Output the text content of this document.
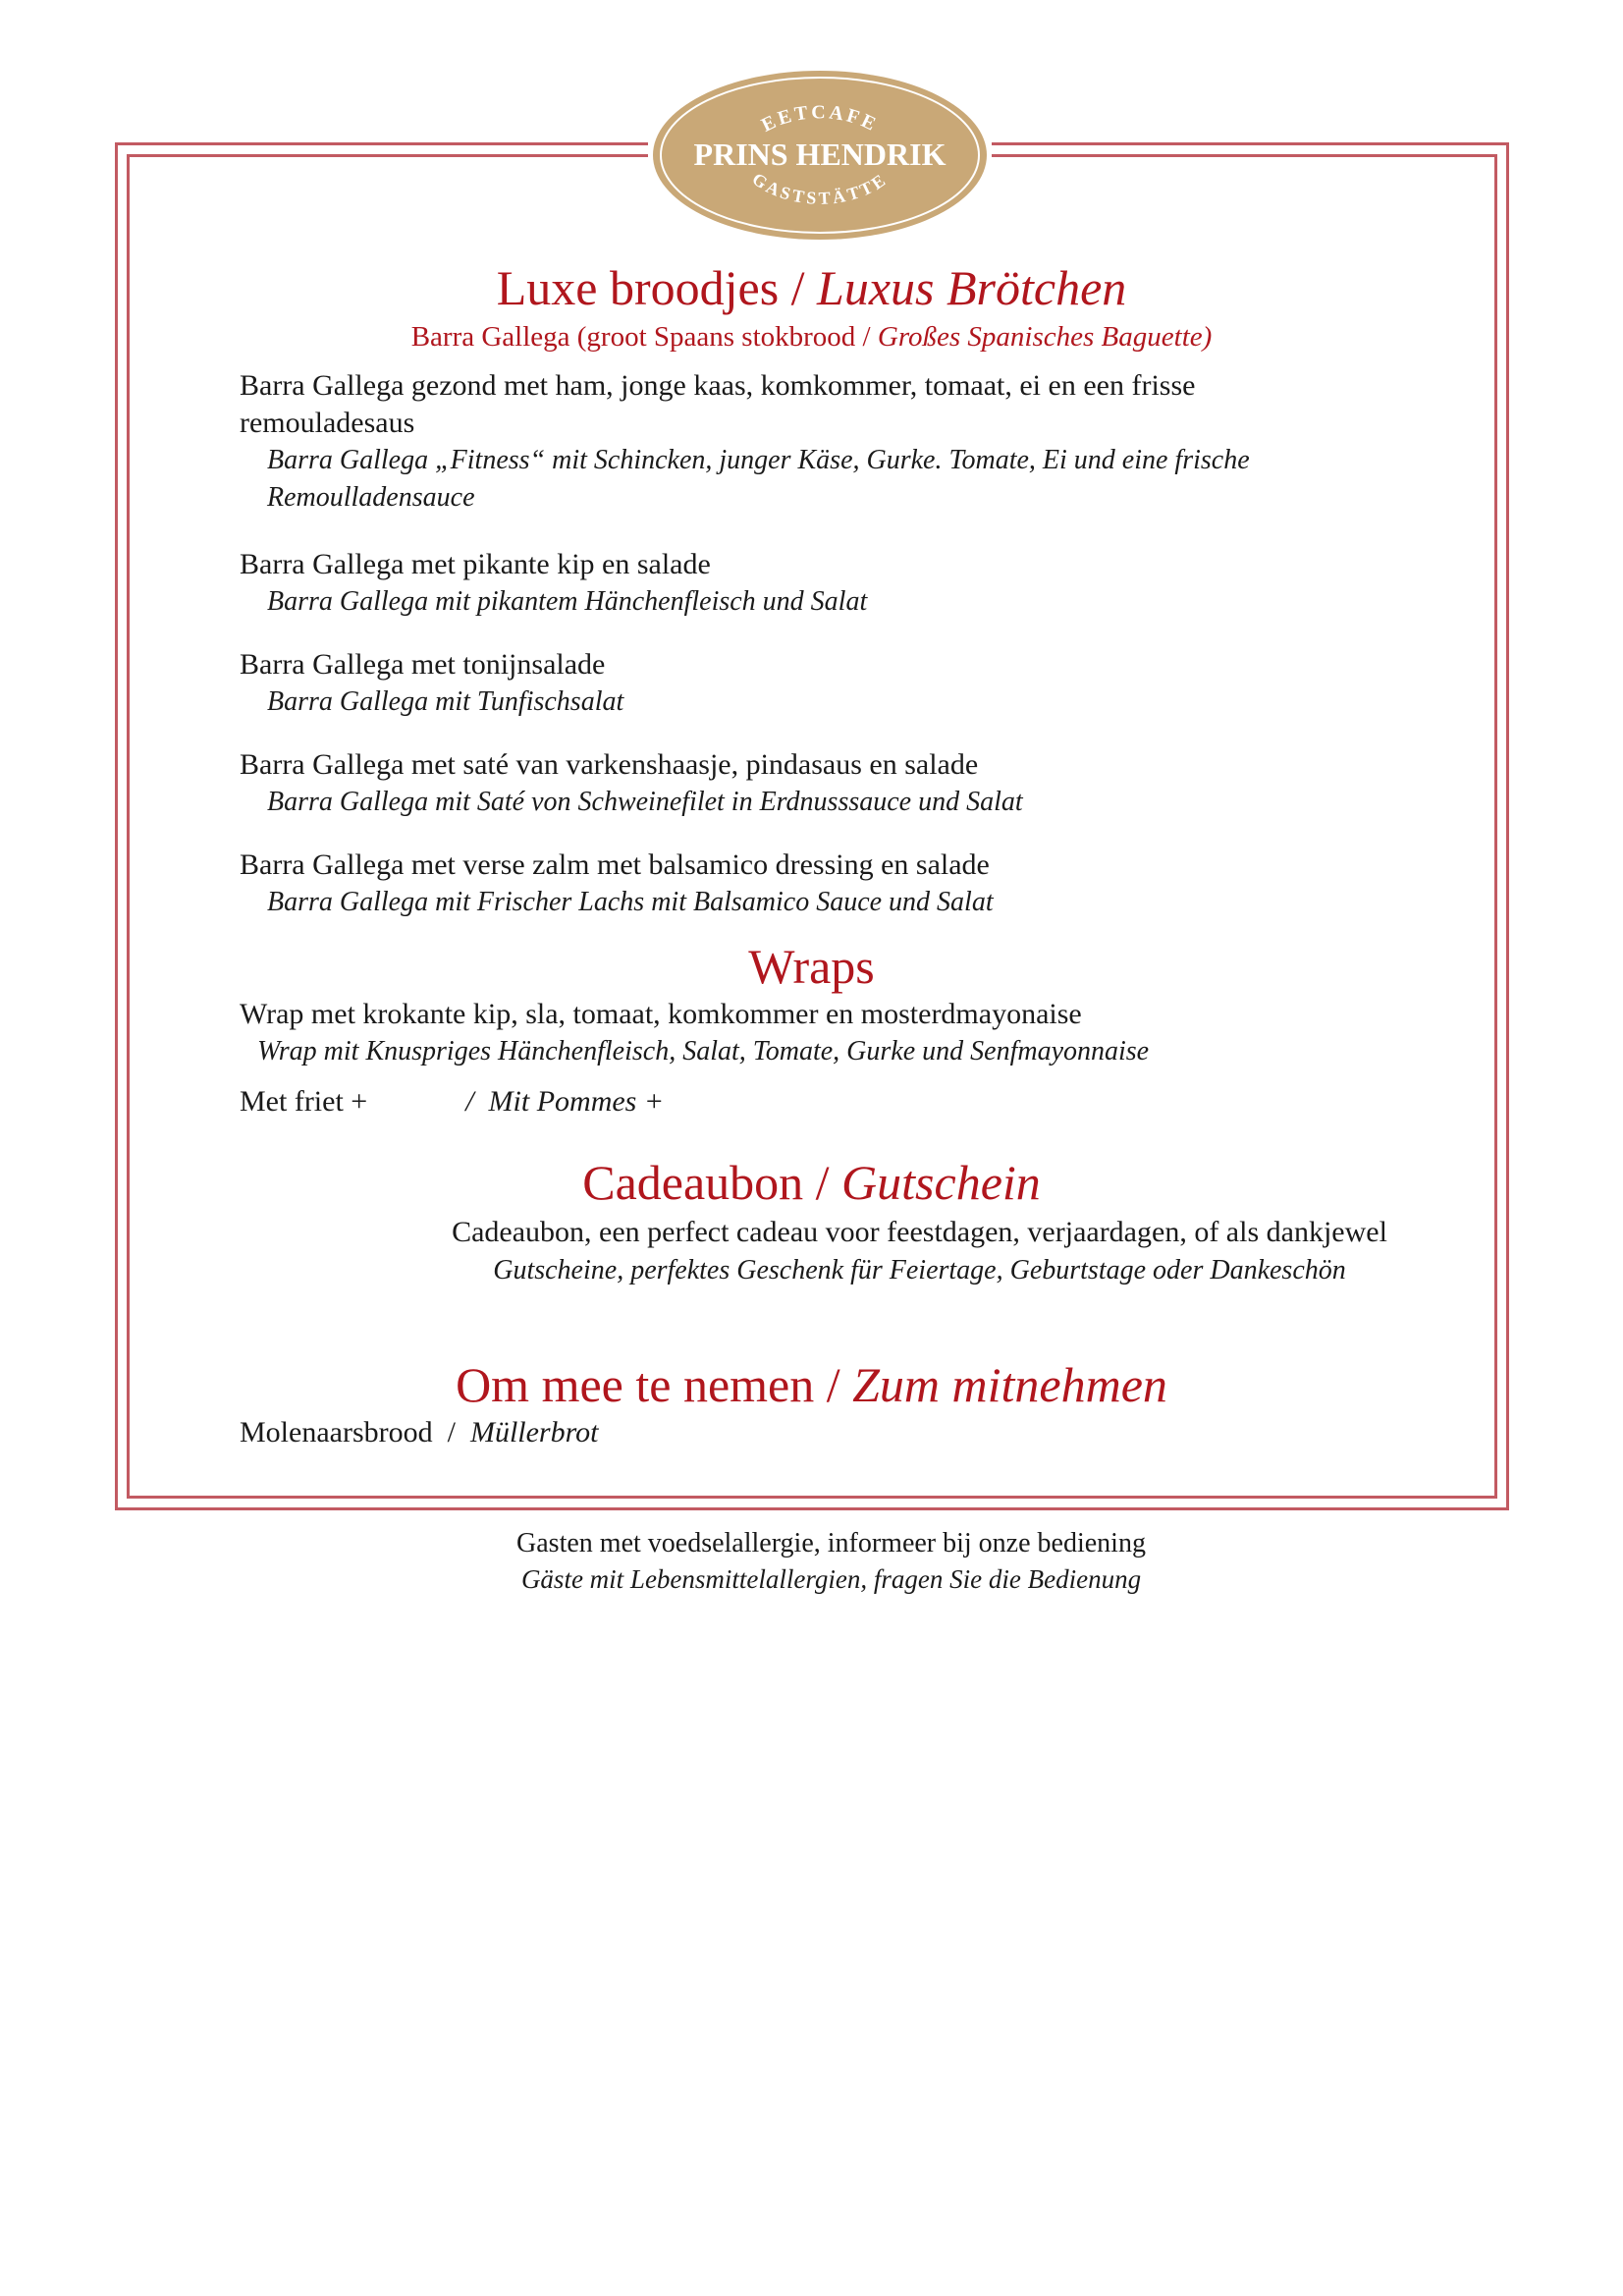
EETCAFE
PRINS HENDRIK
GASTSTÄTTE
Luxe broodjes / Luxus Brötchen
Barra Gallega (groot Spaans stokbrood / Großes Spanisches Baguette)
Barra Gallega gezond met ham, jonge kaas, komkommer, tomaat, ei en een frisse remouladesaus
Barra Gallega „Fitness“ mit Schincken, junger Käse, Gurke. Tomate, Ei und eine frische Remoulladensauce
Barra Gallega met pikante kip en salade
Barra Gallega mit pikantem Hänchenfleisch und Salat
Barra Gallega met tonijnsalade
Barra Gallega mit Tunfischsalat
Barra Gallega met saté van varkenshaasje, pindasaus en salade
Barra Gallega mit Saté von Schweinefilet in Erdnusssauce und Salat
Barra Gallega met verse zalm met balsamico dressing en salade
Barra Gallega mit Frischer Lachs mit Balsamico Sauce und Salat
Wraps
Wrap met krokante kip, sla, tomaat, komkommer en mosterdmayonaise
Wrap mit Knuspriges Hänchenfleisch, Salat, Tomate, Gurke und Senfmayonnaise
Met friet +	/  Mit Pommes +
Cadeaubon / Gutschein
Cadeaubon, een perfect cadeau voor feestdagen, verjaardagen, of als dankjewel
Gutscheine, perfektes Geschenk für Feiertage, Geburtstage oder Dankeschön
Om mee te nemen / Zum mitnehmen
Molenaarsbrood  / Müllerbrot
Gasten met voedselallergie, informeer bij onze bediening
Gäste mit Lebensmittelallergien, fragen Sie die Bedienung
